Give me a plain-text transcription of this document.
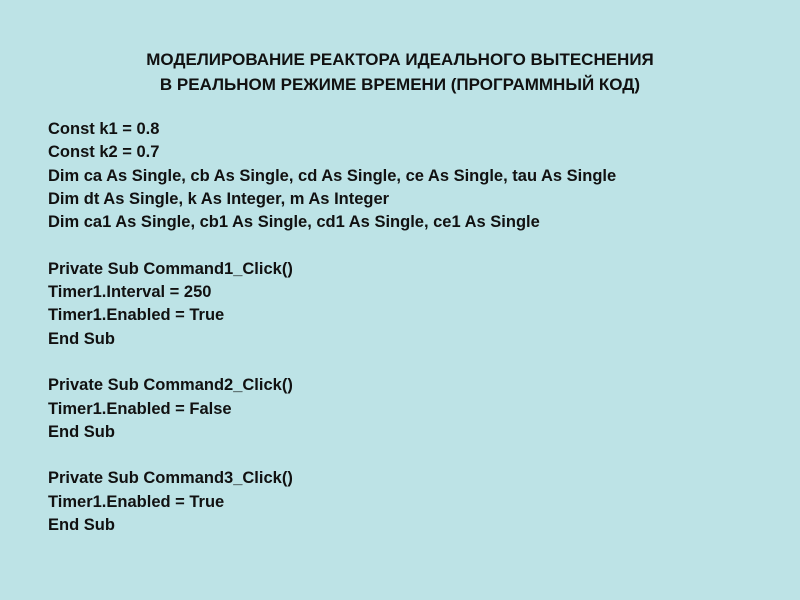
МОДЕЛИРОВАНИЕ РЕАКТОРА ИДЕАЛЬНОГО ВЫТЕСНЕНИЯ
В РЕАЛЬНОМ РЕЖИМЕ ВРЕМЕНИ (ПРОГРАММНЫЙ КОД)
Const k1 = 0.8
Const k2 = 0.7
Dim ca As Single, cb As Single, cd As Single, ce As Single, tau As Single
Dim dt As Single, k As Integer, m As Integer
Dim ca1 As Single, cb1 As Single, cd1 As Single, ce1 As Single
Private Sub Command1_Click()
Timer1.Interval = 250
Timer1.Enabled = True
End Sub
Private Sub Command2_Click()
Timer1.Enabled = False
End Sub
Private Sub Command3_Click()
Timer1.Enabled = True
End Sub
